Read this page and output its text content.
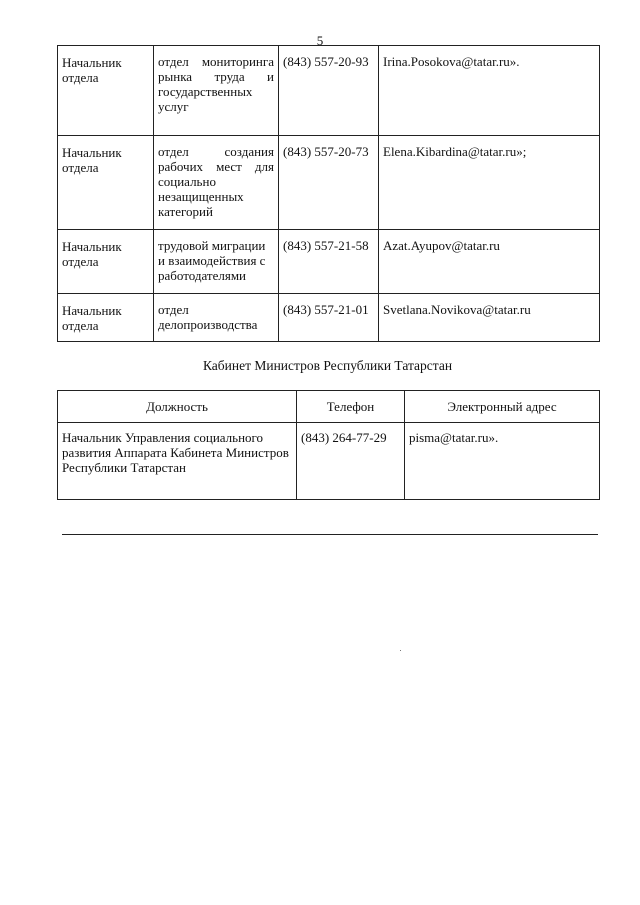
5
Начальник отдела	отдел мониторинга рынка труда и государственных услуг	(843) 557-20-93	Irina.Posokova@tatar.ru».
Начальник отдела	отдел создания рабочих мест для социально незащищенных категорий	(843) 557-20-73	Elena.Kibardina@tatar.ru»;
Начальник отдела	трудовой миграции и взаимодействия с работодателями	(843) 557-21-58	Azat.Ayupov@tatar.ru
Начальник отдела	отдел делопроизводства	(843) 557-21-01	Svetlana.Novikova@tatar.ru
Кабинет Министров Республики Татарстан
Должность	Телефон	Электронный адрес
Начальник Управления социального развития Аппарата Кабинета Министров Республики Татарстан	(843) 264-77-29	pisma@tatar.ru».
